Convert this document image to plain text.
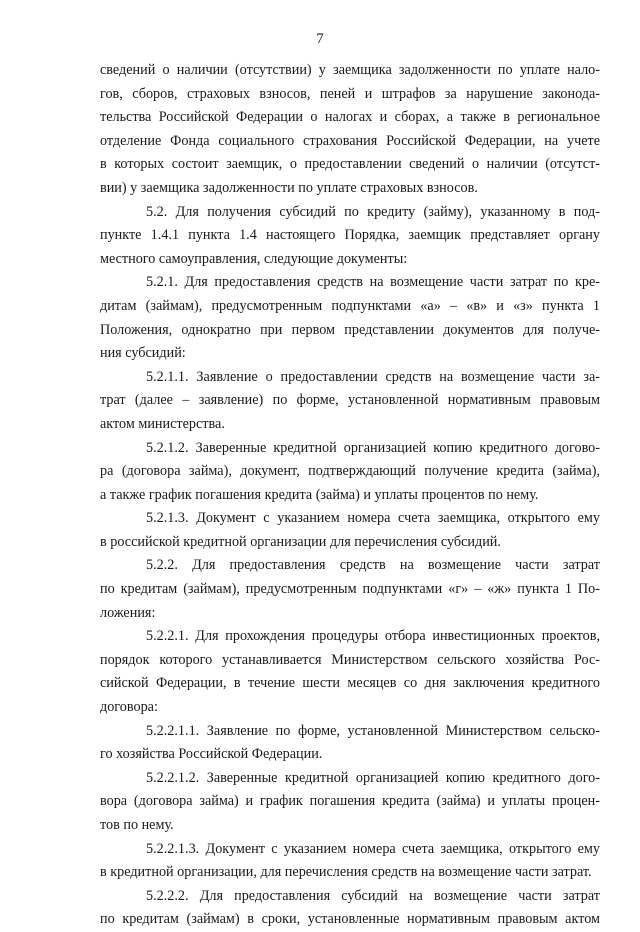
7

сведений о наличии (отсутствии) у заемщика задолженности по уплате нало-
гов, сборов, страховых взносов, пеней и штрафов за нарушение законода-
тельства Российской Федерации о налогах и сборах, а также в региональное
отделение Фонда социального страхования Российской Федерации, на учете
в которых состоит заемщик, о предоставлении сведений о наличии (отсутст-
вии) у заемщика задолженности по уплате страховых взносов.

5.2. Для получения субсидий по кредиту (займу), указанному в под-
пункте 1.4.1 пункта 1.4 настоящего Порядка, заемщик представляет органу
местного самоуправления, следующие документы:

5.2.1. Для предоставления средств на возмещение части затрат по кре-
дитам (займам), предусмотренным подпунктами «а» – «в» и «з» пункта 1
Положения, однократно при первом представлении документов для получе-
ния субсидий:

5.2.1.1. Заявление о предоставлении средств на возмещение части за-
трат (далее – заявление) по форме, установленной нормативным правовым
актом министерства.

5.2.1.2. Заверенные кредитной организацией копию кредитного догово-
ра (договора займа), документ, подтверждающий получение кредита (займа),
а также график погашения кредита (займа) и уплаты процентов по нему.

5.2.1.3. Документ с указанием номера счета заемщика, открытого ему
в российской кредитной организации для перечисления субсидий.

5.2.2. Для предоставления средств на возмещение части затрат
по кредитам (займам), предусмотренным подпунктами «г» – «ж» пункта 1 По-
ложения:

5.2.2.1. Для прохождения процедуры отбора инвестиционных проектов,
порядок которого устанавливается Министерством сельского хозяйства Рос-
сийской Федерации, в течение шести месяцев со дня заключения кредитного
договора:

5.2.2.1.1. Заявление по форме, установленной Министерством сельско-
го хозяйства Российской Федерации.

5.2.2.1.2. Заверенные кредитной организацией копию кредитного дого-
вора (договора займа) и график погашения кредита (займа) и уплаты процен-
тов по нему.

5.2.2.1.3. Документ с указанием номера счета заемщика, открытого ему
в кредитной организации, для перечисления средств на возмещение части затрат.

5.2.2.2. Для предоставления субсидий на возмещение части затрат
по кредитам (займам) в сроки, установленные нормативным правовым актом
